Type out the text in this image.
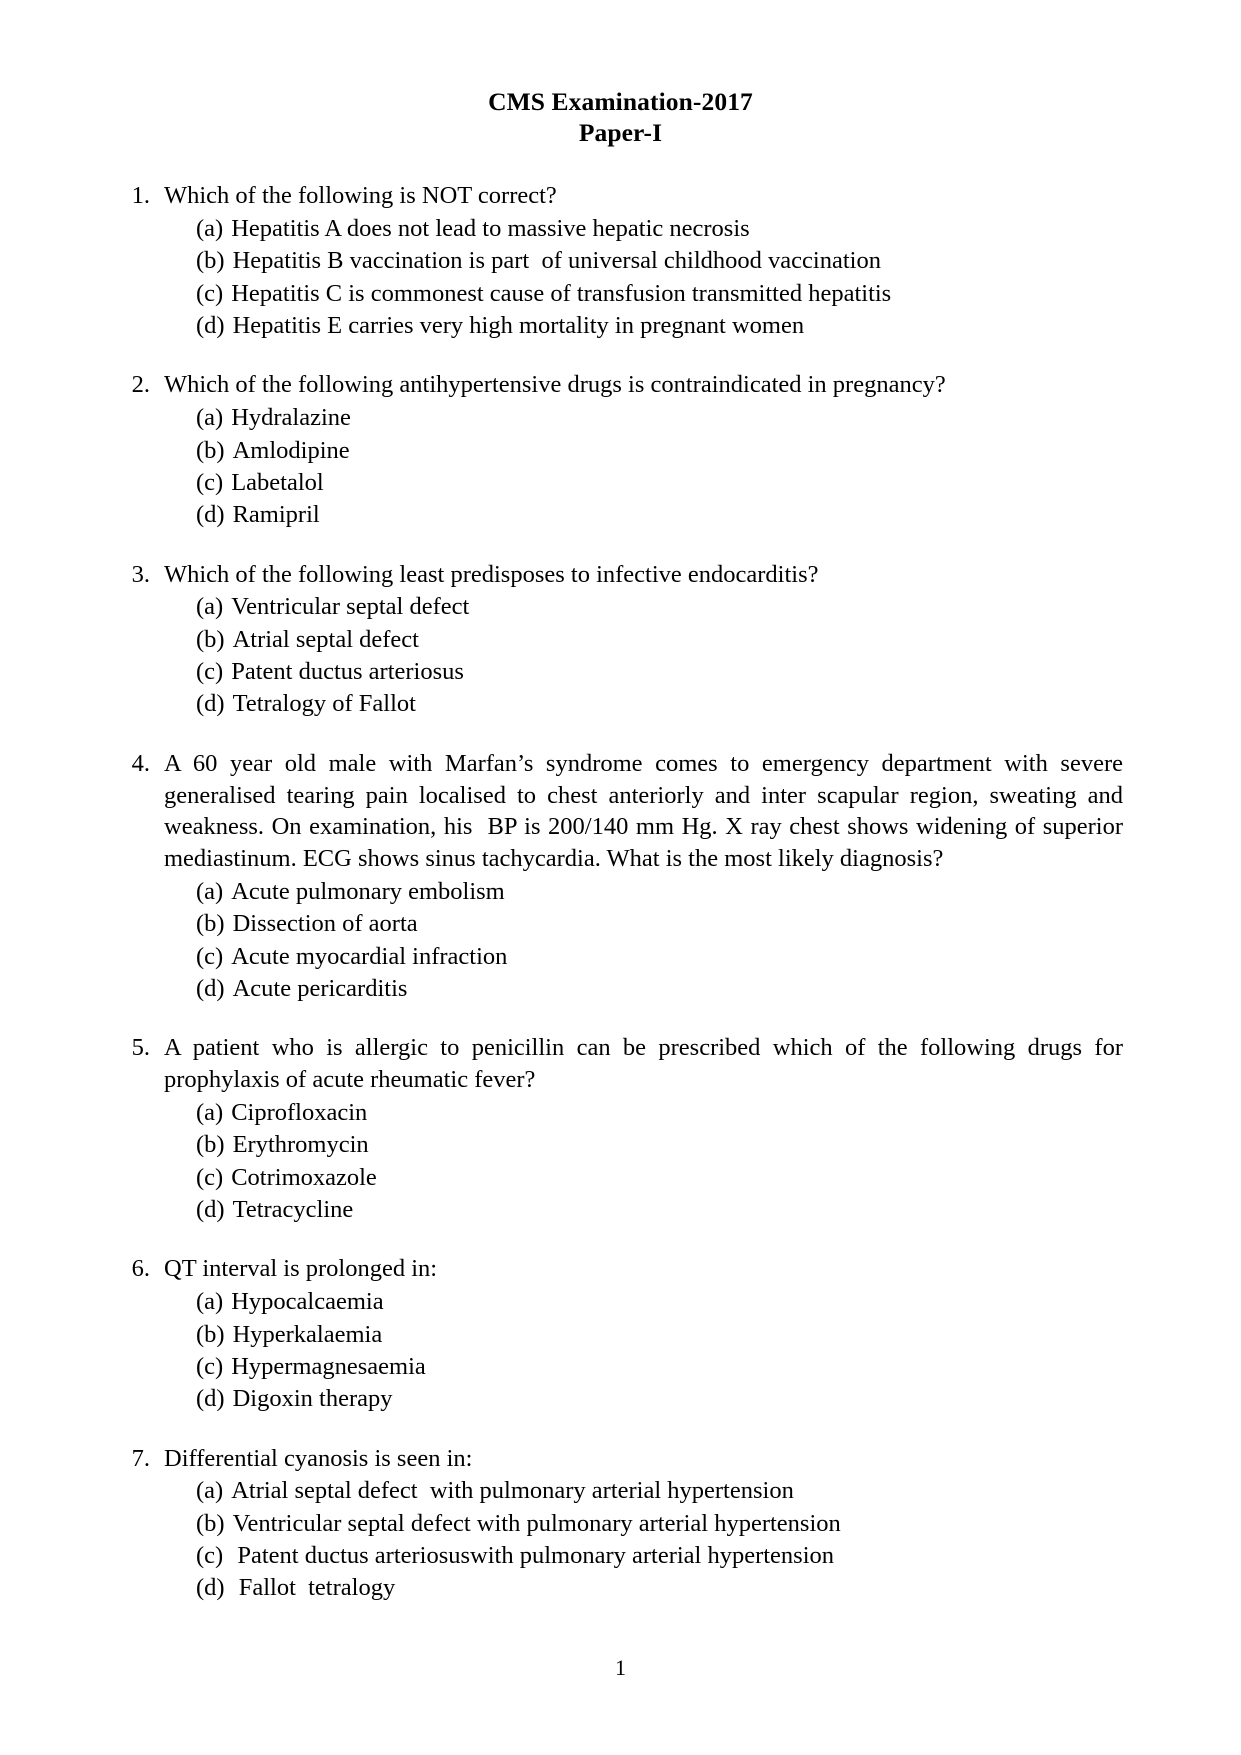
CMS Examination-2017
Paper-I
1. Which of the following is NOT correct?
(a) Hepatitis A does not lead to massive hepatic necrosis
(b) Hepatitis B vaccination is part  of universal childhood vaccination
(c) Hepatitis C is commonest cause of transfusion transmitted hepatitis
(d) Hepatitis E carries very high mortality in pregnant women
2. Which of the following antihypertensive drugs is contraindicated in pregnancy?
(a) Hydralazine
(b) Amlodipine
(c) Labetalol
(d) Ramipril
3. Which of the following least predisposes to infective endocarditis?
(a) Ventricular septal defect
(b) Atrial septal defect
(c) Patent ductus arteriosus
(d) Tetralogy of Fallot
4. A 60 year old male with Marfan’s syndrome comes to emergency department with severe generalised tearing pain localised to chest anteriorly and inter scapular region, sweating and weakness. On examination, his  BP is 200/140 mm Hg. X ray chest shows widening of superior mediastinum. ECG shows sinus tachycardia. What is the most likely diagnosis?
(a) Acute pulmonary embolism
(b) Dissection of aorta
(c) Acute myocardial infraction
(d) Acute pericarditis
5. A patient who is allergic to penicillin can be prescribed which of the following drugs for prophylaxis of acute rheumatic fever?
(a) Ciprofloxacin
(b) Erythromycin
(c) Cotrimoxazole
(d) Tetracycline
6. QT interval is prolonged in:
(a) Hypocalcaemia
(b) Hyperkalaemia
(c) Hypermagnesaemia
(d) Digoxin therapy
7. Differential cyanosis is seen in:
(a) Atrial septal defect  with pulmonary arterial hypertension
(b) Ventricular septal defect with pulmonary arterial hypertension
(c) Patent ductus arteriosuswith pulmonary arterial hypertension
(d) Fallot  tetralogy
1
